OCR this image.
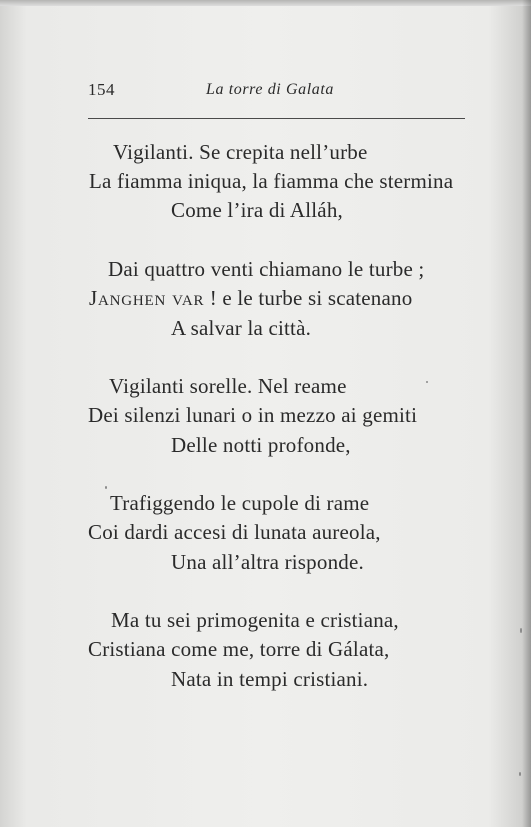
154	La torre di Galata
Vigilanti. Se crepita nell’urbe
La fiamma iniqua, la fiamma che stermina
Come l’ira di Alláh,
Dai quattro venti chiamano le turbe ;
Janghen var ! e le turbe si scatenano
A salvar la città.
Vigilanti sorelle. Nel reame
Dei silenzi lunari o in mezzo ai gemiti
Delle notti profonde,
Trafiggendo le cupole di rame
Coi dardi accesi di lunata aureola,
Una all’altra risponde.
Ma tu sei primogenita e cristiana,
Cristiana come me, torre di Gálata,
Nata in tempi cristiani.
